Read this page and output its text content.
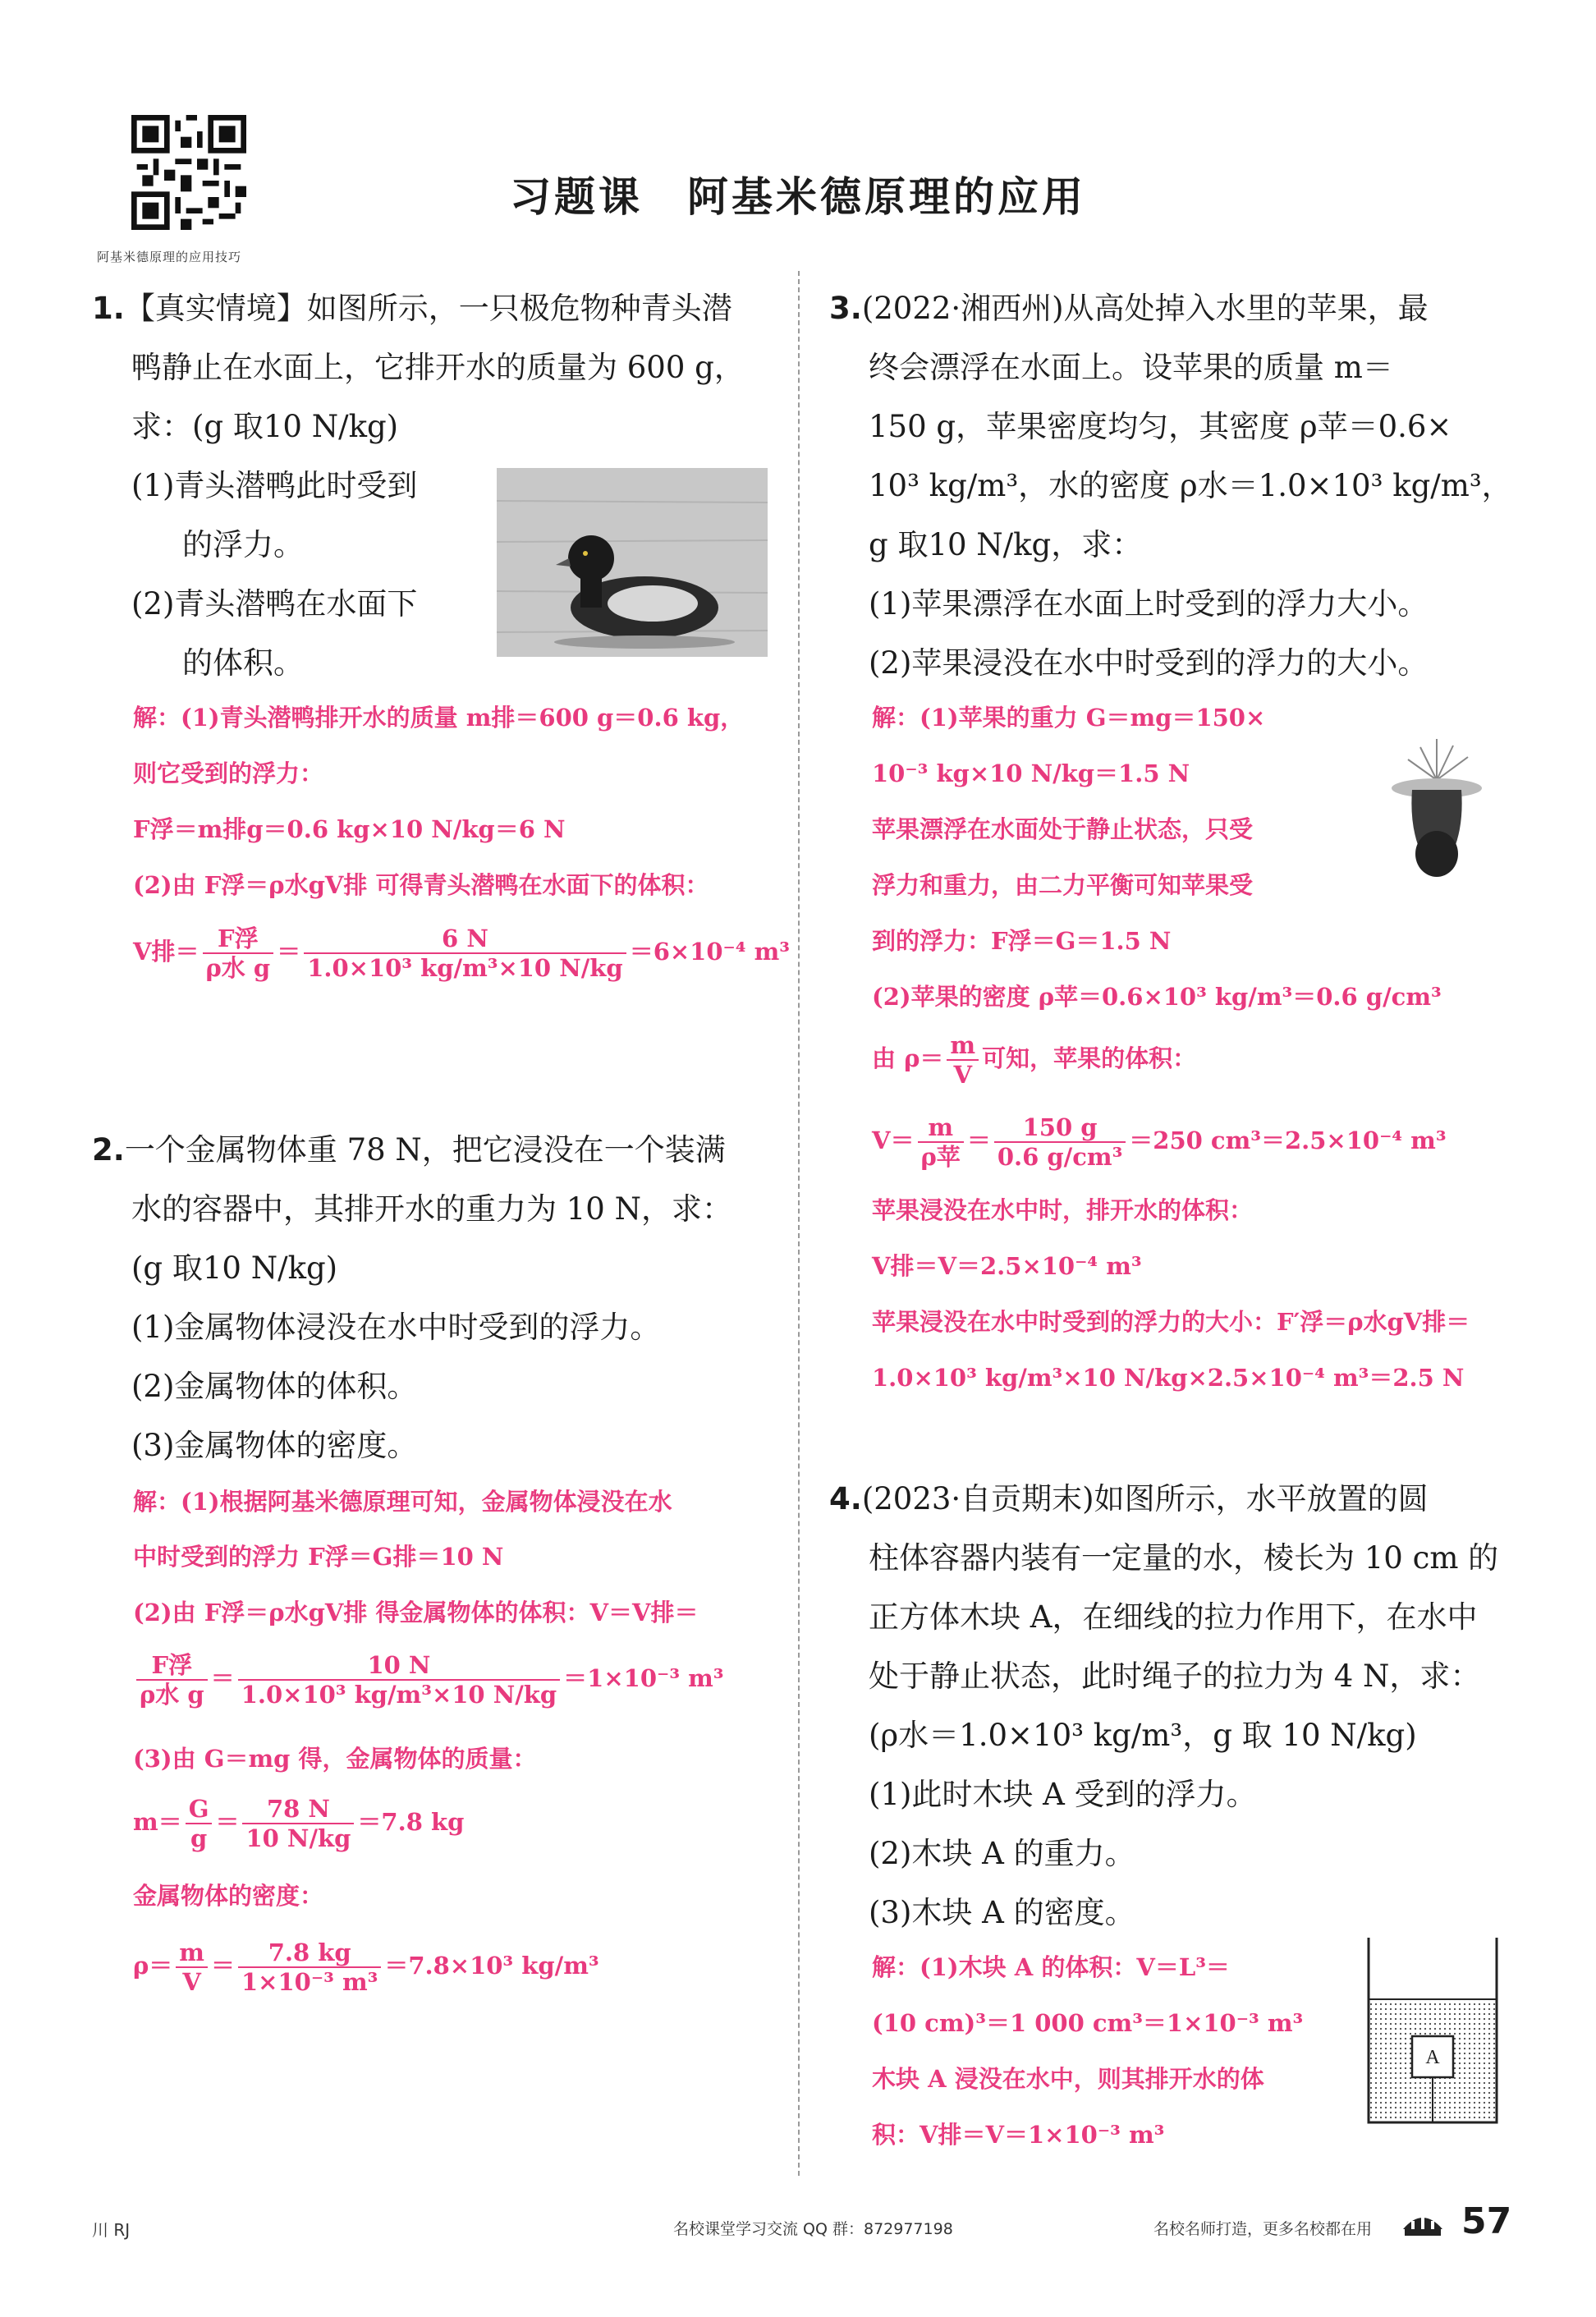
阿基米德原理的应用技巧
习题课　阿基米德原理的应用
1.【真实情境】如图所示，一只极危物种青头潜
鸭静止在水面上，它排开水的质量为 600 g，
求：(g 取10 N/kg)
(1)青头潜鸭此时受到
的浮力。
(2)青头潜鸭在水面下
的体积。
解：(1)青头潜鸭排开水的质量 m排＝600 g＝0.6 kg，
则它受到的浮力：
F浮＝m排g＝0.6 kg×10 N/kg＝6 N
(2)由 F浮＝ρ水gV排 可得青头潜鸭在水面下的体积：
V排＝ $\frac{\text{F浮}}{\text{ρ水 g}} = \frac{6 N}{\text{1.0×10³ kg/m³×10 N/kg}} =6\times 10^{-4}$ m³
2.一个金属物体重 78 N，把它浸没在一个装满
水的容器中，其排开水的重力为 10 N，求：
(g 取10 N/kg)
(1)金属物体浸没在水中时受到的浮力。
(2)金属物体的体积。
(3)金属物体的密度。
解：(1)根据阿基米德原理可知，金属物体浸没在水
中时受到的浮力 F浮＝G排＝10 N
(2)由 F浮＝ρ水gV排 得金属物体的体积：V＝V排＝
$\frac{\text{F浮}}{\text{ρ水 g}} = \frac{10 N}{\text{1.0×10³ kg/m³×10 N/kg}} =1\times 10^{-3}$ m³
(3)由 G＝mg 得，金属物体的质量：
$m= \frac{G}{g} = \frac{78 N}{10 N/kg} =7.8$ kg
金属物体的密度：
$\rho= \frac{m}{V} = \frac{7.8 kg}{\text{1×10⁻³ m³}} =7.8\times 10^3$ kg/m³
3.(2022·湘西州)从高处掉入水里的苹果，最
终会漂浮在水面上。设苹果的质量 m＝
150 g，苹果密度均匀，其密度 ρ苹＝0.6×
10³ kg/m³，水的密度 ρ水＝1.0×10³ kg/m³，
g 取10 N/kg，求：
(1)苹果漂浮在水面上时受到的浮力大小。
(2)苹果浸没在水中时受到的浮力的大小。
解：(1)苹果的重力 G＝mg＝150×
10⁻³ kg×10 N/kg＝1.5 N
苹果漂浮在水面处于静止状态，只受
浮力和重力，由二力平衡可知苹果受
到的浮力：F浮＝G＝1.5 N
(2)苹果的密度 ρ苹＝0.6×10³ kg/m³＝0.6 g/cm³
由 $\rho= \frac{m}{V}$ 可知，苹果的体积：
$V= \frac{m}{\text{ρ苹}} = \frac{150 g}{\text{0.6 g/cm³}} =250$ cm³＝2.5×10⁻⁴ m³
苹果浸没在水中时，排开水的体积：
V排＝V＝2.5×10⁻⁴ m³
苹果浸没在水中时受到的浮力的大小：F′浮＝ρ水gV排＝
1.0×10³ kg/m³×10 N/kg×2.5×10⁻⁴ m³＝2.5 N
4.(2023·自贡期末)如图所示，水平放置的圆
柱体容器内装有一定量的水，棱长为 10 cm 的
正方体木块 A，在细线的拉力作用下，在水中
处于静止状态，此时绳子的拉力为 4 N，求：
(ρ水＝1.0×10³ kg/m³，g 取 10 N/kg)
(1)此时木块 A 受到的浮力。
(2)木块 A 的重力。
(3)木块 A 的密度。
解：(1)木块 A 的体积：V＝L³＝
(10 cm)³＝1 000 cm³＝1×10⁻³ m³
木块 A 浸没在水中，则其排开水的体
积：V排＝V＝1×10⁻³ m³
A
川 RJ	名校课堂学习交流 QQ 群：872977198	名校名师打造，更多名校都在用 57
